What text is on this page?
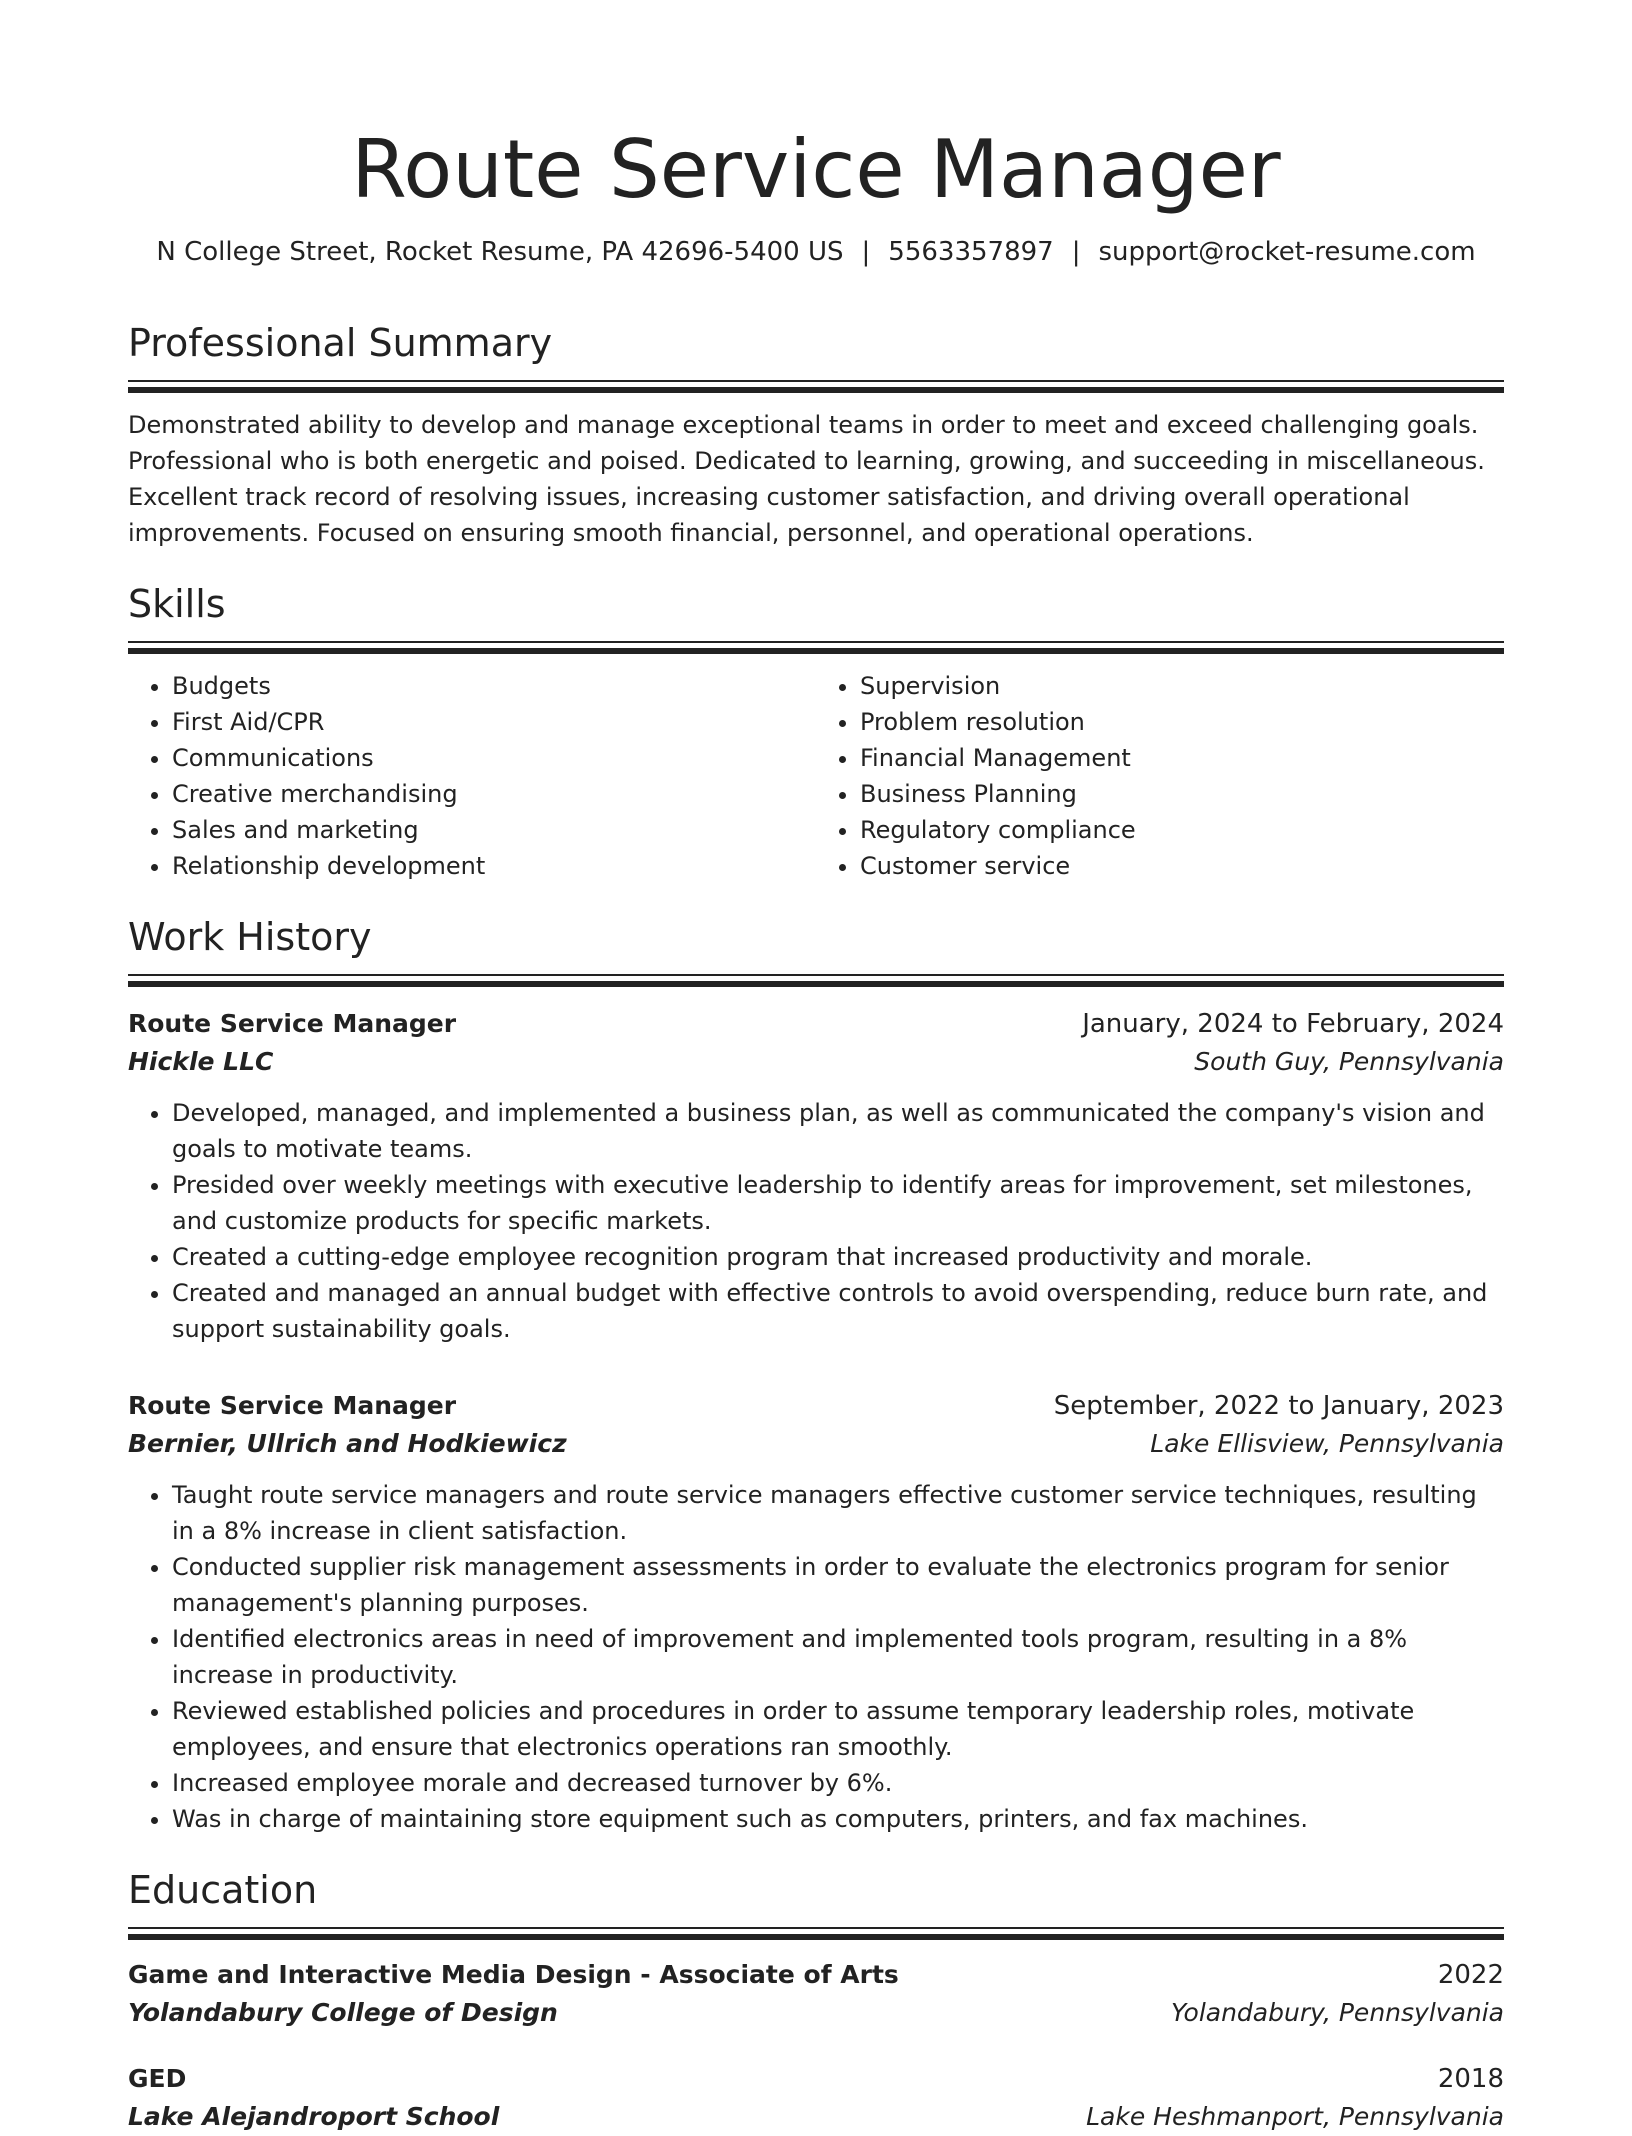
Route Service Manager
N College Street, Rocket Resume, PA 42696-5400 US | 5563357897 | support@rocket-resume.com
Professional Summary

Demonstrated ability to develop and manage exceptional teams in order to meet and exceed challenging goals. Professional who is both energetic and poised. Dedicated to learning, growing, and succeeding in miscellaneous. Excellent track record of resolving issues, increasing customer satisfaction, and driving overall operational improvements. Focused on ensuring smooth financial, personnel, and operational operations.

Skills
• Budgets
• First Aid/CPR
• Communications
• Creative merchandising
• Sales and marketing
• Relationship development
• Supervision
• Problem resolution
• Financial Management
• Business Planning
• Regulatory compliance
• Customer service
Work History
Route Service Manager	January, 2024 to February, 2024
Hickle LLC	South Guy, Pennsylvania
• Developed, managed, and implemented a business plan, as well as communicated the company's vision and goals to motivate teams.
• Presided over weekly meetings with executive leadership to identify areas for improvement, set milestones, and customize products for specific markets.
• Created a cutting-edge employee recognition program that increased productivity and morale.
• Created and managed an annual budget with effective controls to avoid overspending, reduce burn rate, and support sustainability goals.
Route Service Manager	September, 2022 to January, 2023
Bernier, Ullrich and Hodkiewicz	Lake Ellisview, Pennsylvania
• Taught route service managers and route service managers effective customer service techniques, resulting in a 8% increase in client satisfaction.
• Conducted supplier risk management assessments in order to evaluate the electronics program for senior management's planning purposes.
• Identified electronics areas in need of improvement and implemented tools program, resulting in a 8% increase in productivity.
• Reviewed established policies and procedures in order to assume temporary leadership roles, motivate employees, and ensure that electronics operations ran smoothly.
• Increased employee morale and decreased turnover by 6%.
• Was in charge of maintaining store equipment such as computers, printers, and fax machines.
Education
Game and Interactive Media Design - Associate of Arts	2022
Yolandabury College of Design	Yolandabury, Pennsylvania
GED	2018
Lake Alejandroport School	Lake Heshmanport, Pennsylvania
